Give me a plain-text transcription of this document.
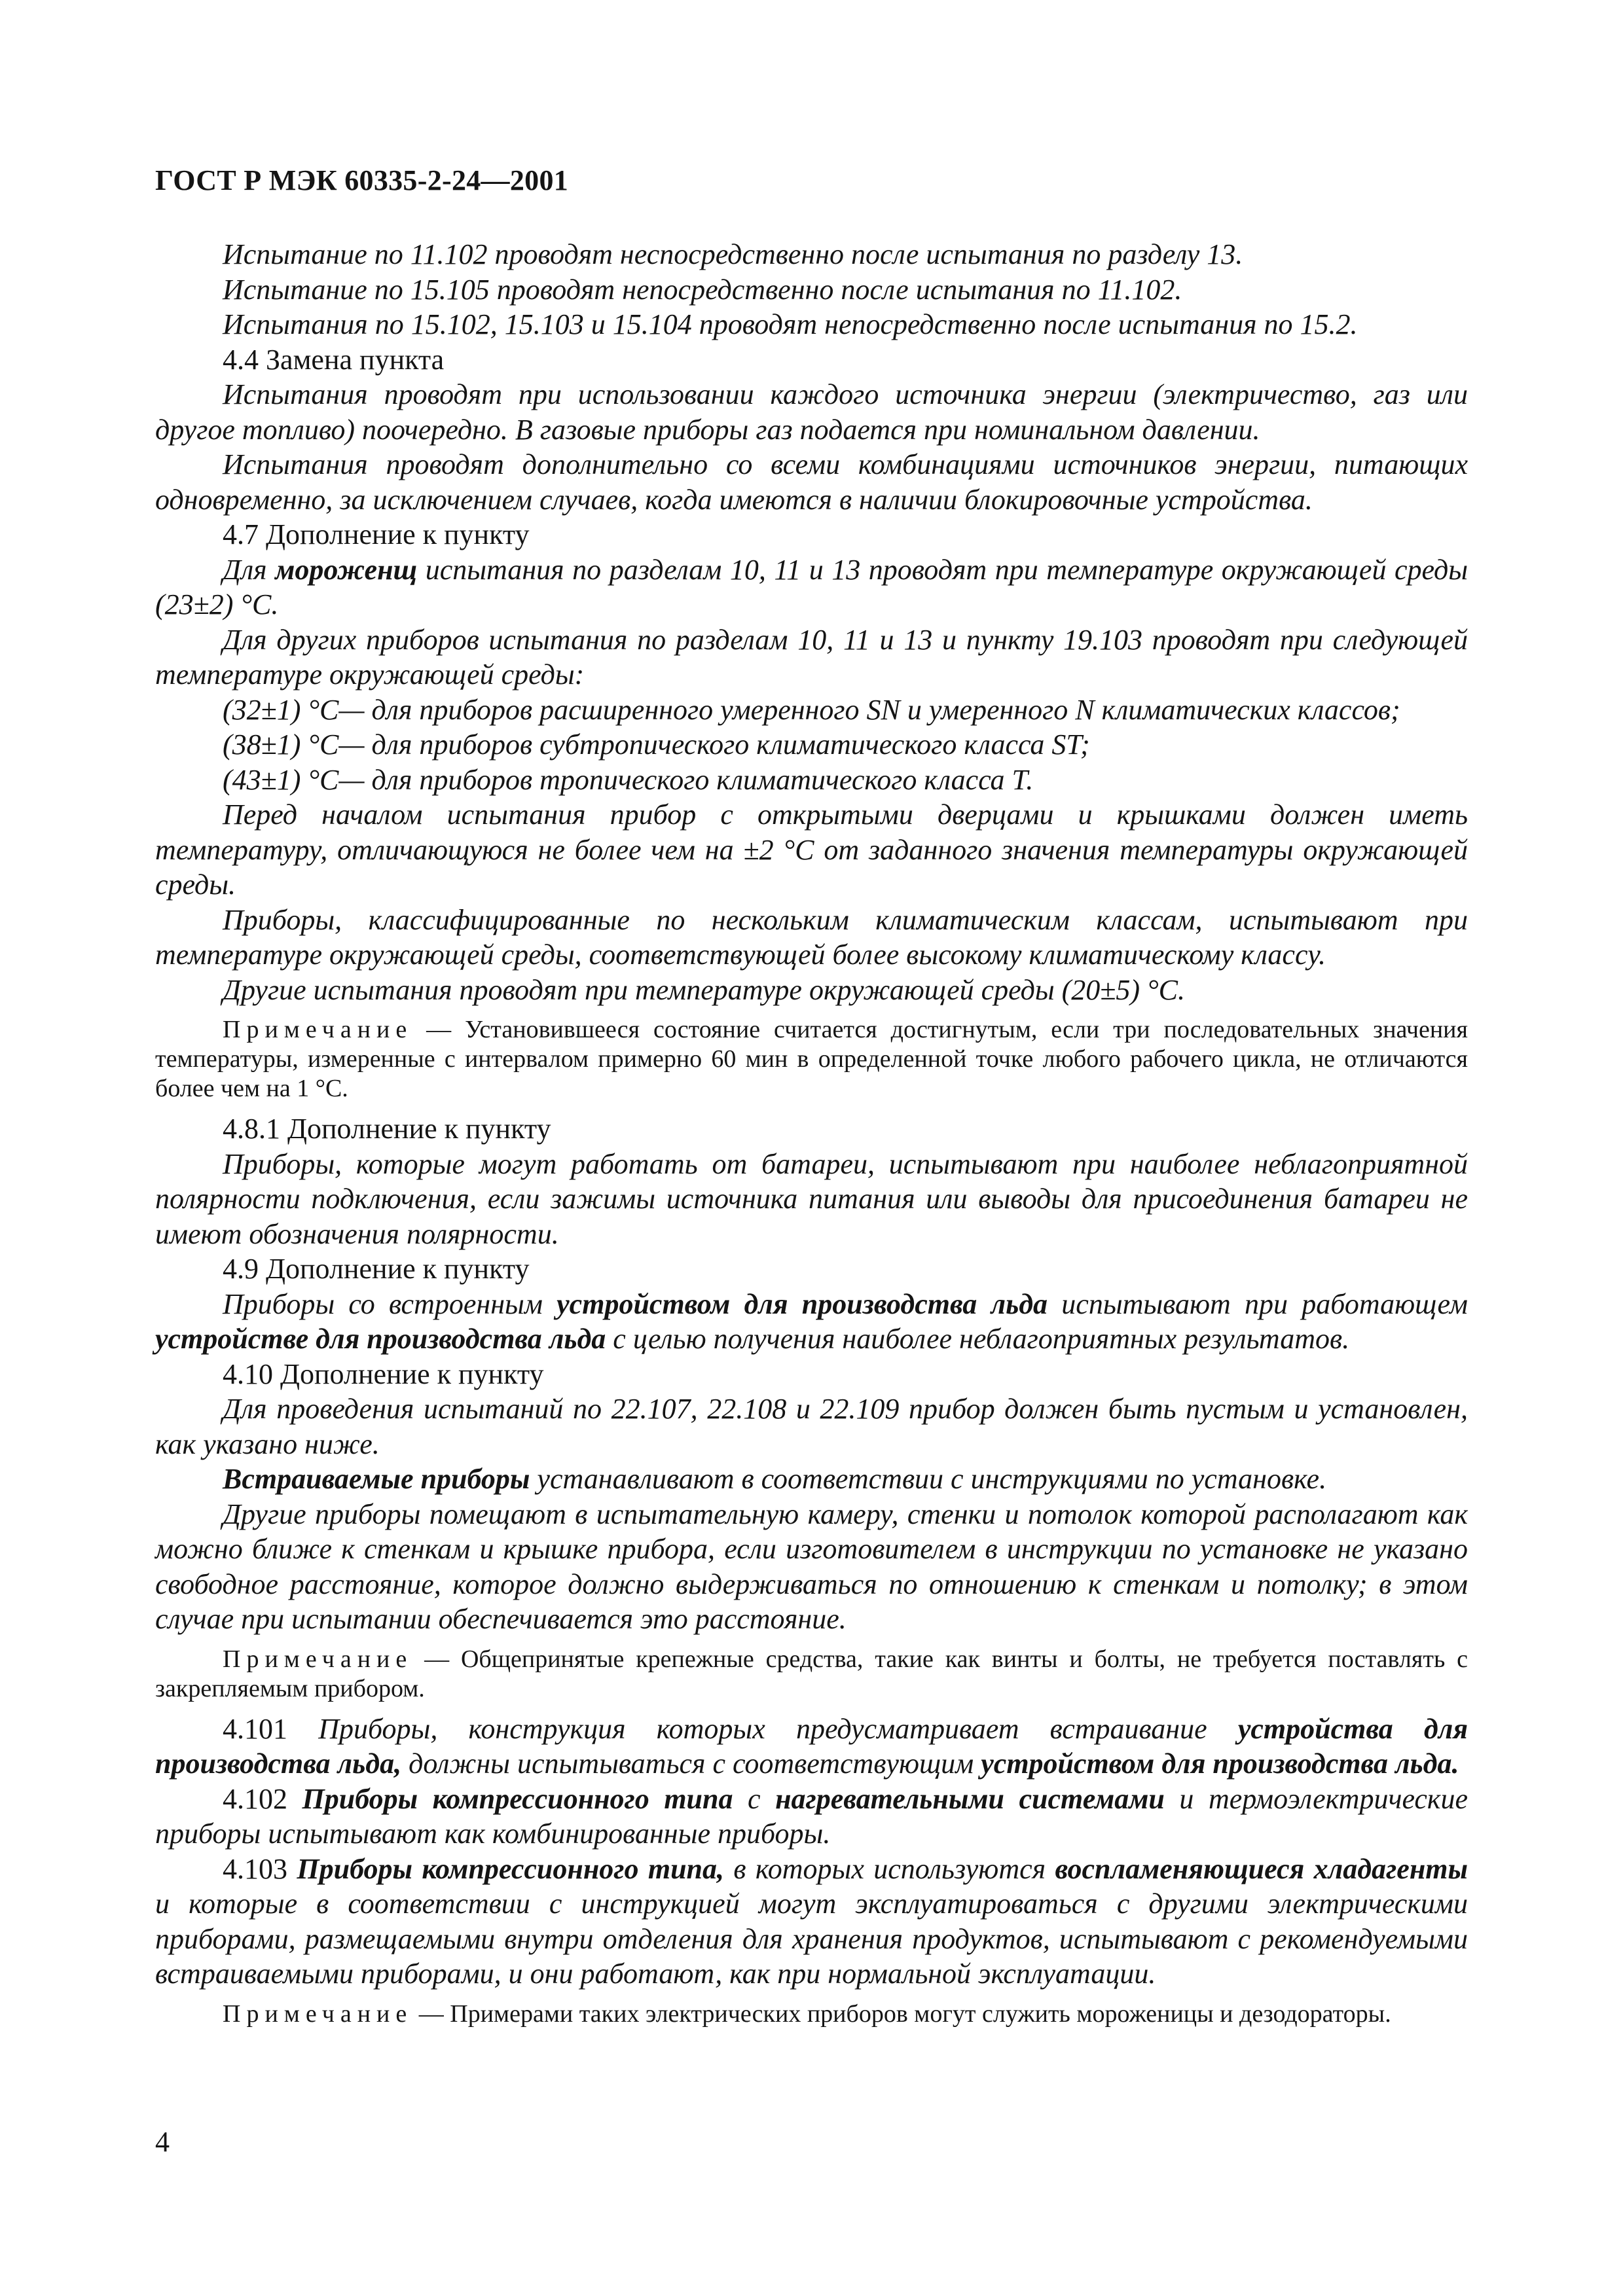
ГОСТ Р МЭК 60335-2-24—2001

Испытание по 11.102 проводят неспосредственно после испытания по разделу 13.

Испытание по 15.105 проводят непосредственно после испытания по 11.102.

Испытания по 15.102, 15.103 и 15.104 проводят непосредственно после испытания по 15.2.

4.4 Замена пункта

Испытания проводят при использовании каждого источника энергии (электричество, газ или другое топливо) поочередно. В газовые приборы газ подается при номинальном давлении.

Испытания проводят дополнительно со всеми комбинациями источников энергии, питающих одновременно, за исключением случаев, когда имеются в наличии блокировочные устройства.

4.7 Дополнение к пункту

Для мороженщ испытания по разделам 10, 11 и 13 проводят при температуре окружающей среды (23±2) °С.

Для других приборов испытания по разделам 10, 11 и 13 и пункту 19.103 проводят при следующей температуре окружающей среды:

(32±1) °С— для приборов расширенного умеренного SN и умеренного N климатических классов;

(38±1) °С— для приборов субтропического климатического класса ST;

(43±1) °С— для приборов тропического климатического класса Т.

Перед началом испытания прибор с открытыми дверцами и крышками должен иметь температуру, отличающуюся не более чем на ±2 °С от заданного значения температуры окружающей среды.

Приборы, классифицированные по нескольким климатическим классам, испытывают при температуре окружающей среды, соответствующей более высокому климатическому классу.

Другие испытания проводят при температуре окружающей среды (20±5) °С.

Примечание — Установившееся состояние считается достигнутым, если три последовательных значения температуры, измеренные с интервалом примерно 60 мин в определенной точке любого рабочего цикла, не отличаются более чем на 1 °С.

4.8.1 Дополнение к пункту

Приборы, которые могут работать от батареи, испытывают при наиболее неблагоприятной полярности подключения, если зажимы источника питания или выводы для присоединения батареи не имеют обозначения полярности.

4.9 Дополнение к пункту

Приборы со встроенным устройством для производства льда испытывают при работающем устройстве для производства льда с целью получения наиболее неблагоприятных результатов.

4.10 Дополнение к пункту

Для проведения испытаний по 22.107, 22.108 и 22.109 прибор должен быть пустым и установлен, как указано ниже.

Встраиваемые приборы устанавливают в соответствии с инструкциями по установке.

Другие приборы помещают в испытательную камеру, стенки и потолок которой располагают как можно ближе к стенкам и крышке прибора, если изготовителем в инструкции по установке не указано свободное расстояние, которое должно выдерживаться по отношению к стенкам и потолку; в этом случае при испытании обеспечивается это расстояние.

Примечание — Общепринятые крепежные средства, такие как винты и болты, не требуется поставлять с закрепляемым прибором.

4.101 Приборы, конструкция которых предусматривает встраивание устройства для производства льда, должны испытываться с соответствующим устройством для производства льда.

4.102 Приборы компрессионного типа с нагревательными системами и термоэлектрические приборы испытывают как комбинированные приборы.

4.103 Приборы компрессионного типа, в которых используются воспламеняющиеся хладагенты и которые в соответствии с инструкцией могут эксплуатироваться с другими электрическими приборами, размещаемыми внутри отделения для хранения продуктов, испытывают с рекомендуемыми встраиваемыми приборами, и они работают, как при нормальной эксплуатации.

Примечание — Примерами таких электрических приборов могут служить мороженицы и дезодораторы.

4
